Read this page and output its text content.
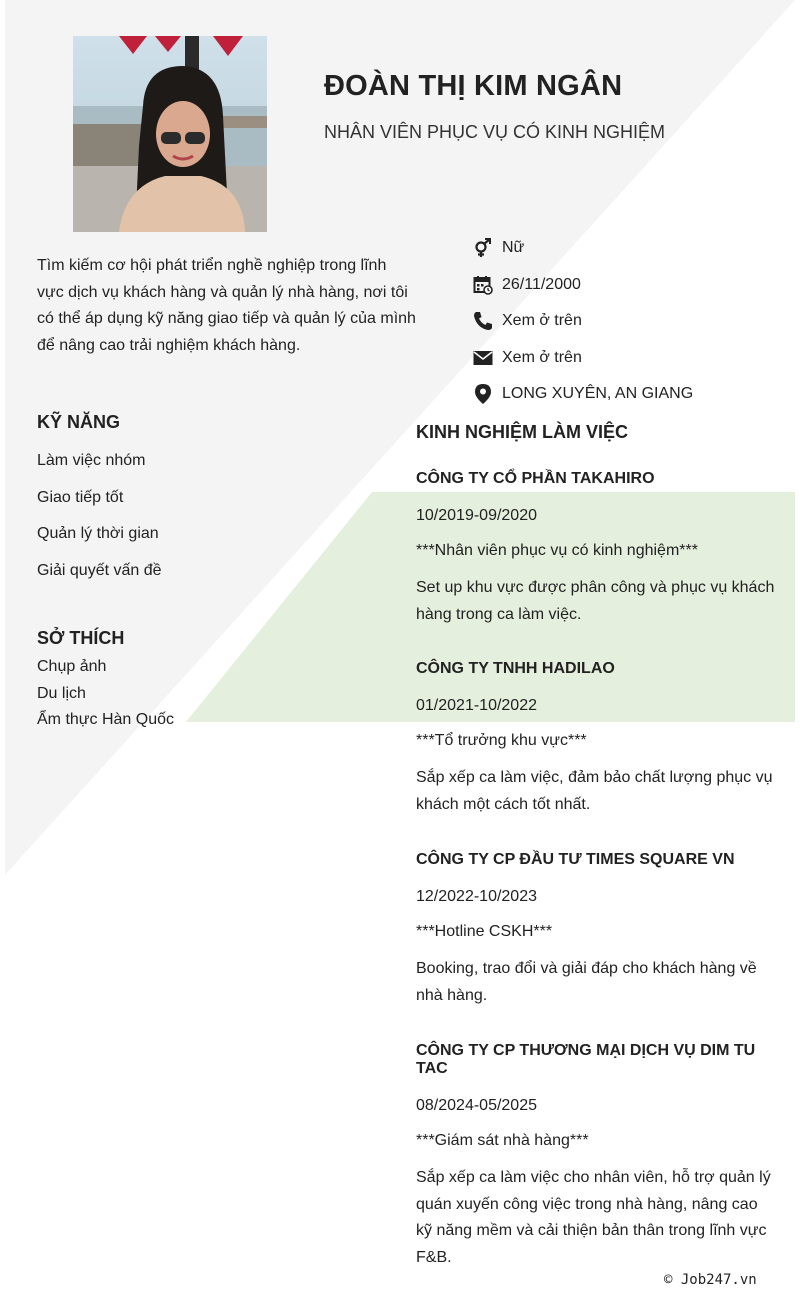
ĐOÀN THỊ KIM NGÂN
NHÂN VIÊN PHỤC VỤ CÓ KINH NGHIỆM
Tìm kiếm cơ hội phát triển nghề nghiệp trong lĩnh vực dịch vụ khách hàng và quản lý nhà hàng, nơi tôi có thể áp dụng kỹ năng giao tiếp và quản lý của mình để nâng cao trải nghiệm khách hàng.
Nữ
26/11/2000
Xem ở trên
Xem ở trên
LONG XUYÊN, AN GIANG
KỸ NĂNG
Làm việc nhóm
Giao tiếp tốt
Quản lý thời gian
Giải quyết vấn đề
SỞ THÍCH
Chụp ảnh
Du lịch
Ẩm thực Hàn Quốc
KINH NGHIỆM LÀM VIỆC
CÔNG TY CỔ PHẦN TAKAHIRO
10/2019-09/2020
***Nhân viên phục vụ có kinh nghiệm***
Set up khu vực được phân công và phục vụ khách hàng trong ca làm việc.
CÔNG TY TNHH HADILAO
01/2021-10/2022
***Tổ trưởng khu vực***
Sắp xếp ca làm việc, đảm bảo chất lượng phục vụ khách một cách tốt nhất.
CÔNG TY CP ĐẦU TƯ TIMES SQUARE VN
12/2022-10/2023
***Hotline CSKH***
Booking, trao đổi và giải đáp cho khách hàng về nhà hàng.
CÔNG TY CP THƯƠNG MẠI DỊCH VỤ DIM TU TAC
08/2024-05/2025
***Giám sát nhà hàng***
Sắp xếp ca làm việc cho nhân viên, hỗ trợ quản lý quán xuyến công việc trong nhà hàng, nâng cao kỹ năng mềm và cải thiện bản thân trong lĩnh vực F&B.
© Job247.vn
